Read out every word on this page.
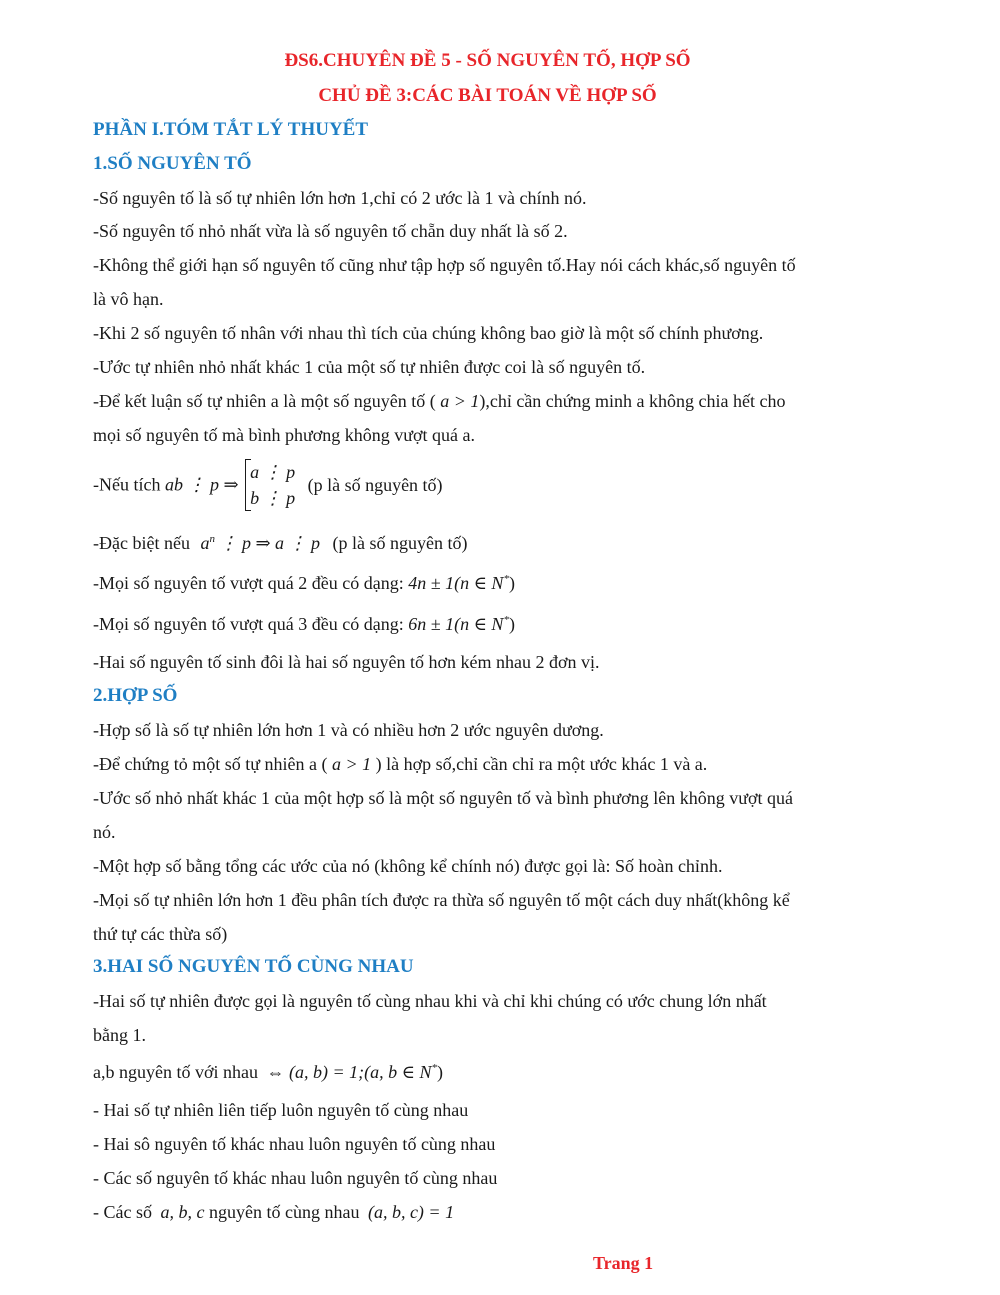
ĐS6.CHUYÊN ĐỀ 5 - SỐ NGUYÊN TỐ, HỢP SỐ
CHỦ ĐỀ 3:CÁC BÀI TOÁN VỀ HỢP SỐ
PHẦN I.TÓM TẮT LÝ THUYẾT
1.SỐ NGUYÊN TỐ
-Số nguyên tố là số tự nhiên lớn hơn 1,chỉ có 2 ước là 1 và chính nó.
-Số nguyên tố nhỏ nhất vừa là số nguyên tố chẵn duy nhất là số 2.
-Không thể giới hạn số nguyên tố cũng như tập hợp số nguyên tố.Hay nói cách khác,số nguyên tố
là vô hạn.
-Khi 2 số nguyên tố nhân với nhau thì tích của chúng không bao giờ là một số chính phương.
-Ước tự nhiên nhỏ nhất khác 1 của một số tự nhiên được coi là số nguyên tố.
-Để kết luận số tự nhiên a là một số nguyên tố ( a > 1),chỉ cần chứng minh a không chia hết cho
mọi số nguyên tố mà bình phương không vượt quá a.
-Nếu tích ab ⋮ p ⇒
a ⋮ p
b ⋮ p
(p là số nguyên tố)
-Đặc biệt nếu $a^n$ ⋮ p ⇒ a ⋮ p (p là số nguyên tố)
-Mọi số nguyên tố vượt quá 2 đều có dạng: 4n ± 1(n ∈ N*)
-Mọi số nguyên tố vượt quá 3 đều có dạng: 6n ± 1(n ∈ N*)
-Hai số nguyên tố sinh đôi là hai số nguyên tố hơn kém nhau 2 đơn vị.
2.HỢP SỐ
-Hợp số là số tự nhiên lớn hơn 1 và có nhiều hơn 2 ước nguyên dương.
-Để chứng tỏ một số tự nhiên a ( a > 1 ) là hợp số,chỉ cần chỉ ra một ước khác 1 và a.
-Ước số nhỏ nhất khác 1 của một hợp số là một số nguyên tố và bình phương lên không vượt quá
nó.
-Một hợp số bằng tổng các ước của nó (không kể chính nó) được gọi là: Số hoàn chỉnh.
-Mọi số tự nhiên lớn hơn 1 đều phân tích được ra thừa số nguyên tố một cách duy nhất(không kể
thứ tự các thừa số)
3.HAI SỐ NGUYÊN TỐ CÙNG NHAU
-Hai số tự nhiên được gọi là nguyên tố cùng nhau khi và chỉ khi chúng có ước chung lớn nhất
bằng 1.
a,b nguyên tố với nhau ⇔ (a, b) = 1;(a, b ∈ N*)
- Hai số tự nhiên liên tiếp luôn nguyên tố cùng nhau
- Hai sô nguyên tố khác nhau luôn nguyên tố cùng nhau
- Các số nguyên tố khác nhau luôn nguyên tố cùng nhau
- Các số a, b, c nguyên tố cùng nhau (a, b, c) = 1
Trang 1
